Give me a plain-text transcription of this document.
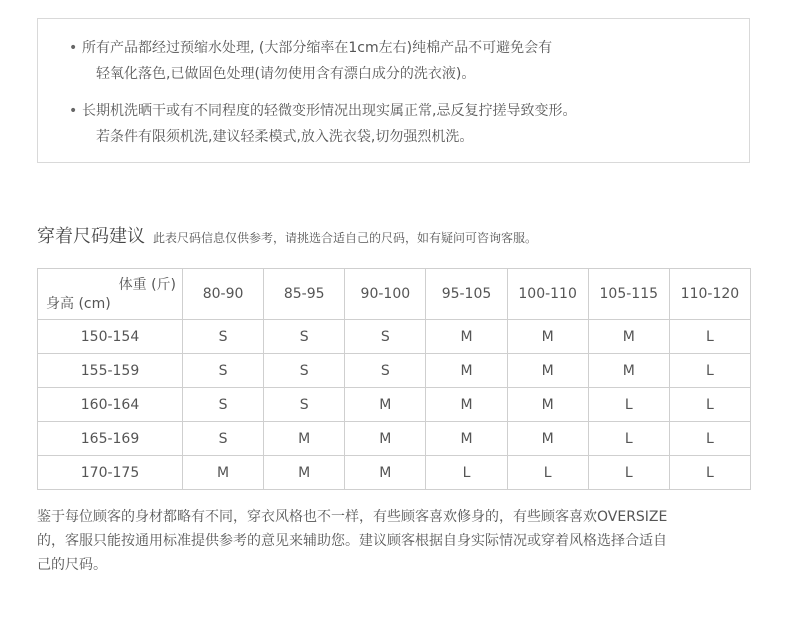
• 所有产品都经过预缩水处理, (大部分缩率在1cm左右)纯棉产品不可避免会有
轻氧化落色,已做固色处理(请勿使用含有漂白成分的洗衣液)。
• 长期机洗晒干或有不同程度的轻微变形情况出现实属正常,忌反复拧搓导致变形。
若条件有限须机洗,建议轻柔模式,放入洗衣袋,切勿强烈机洗。
穿着尺码建议 此表尺码信息仅供参考，请挑选合适自己的尺码，如有疑问可咨询客服。
体重 (斤)
身高 (cm)	80-90	85-95	90-100	95-105	100-110	105-115	110-120
150-154	S	S	S	M	M	M	L
155-159	S	S	S	M	M	M	L
160-164	S	S	M	M	M	L	L
165-169	S	M	M	M	M	L	L
170-175	M	M	M	L	L	L	L
鉴于每位顾客的身材都略有不同，穿衣风格也不一样，有些顾客喜欢修身的，有些顾客喜欢OVERSIZE
的，客服只能按通用标准提供参考的意见来辅助您。建议顾客根据自身实际情况或穿着风格选择合适自
己的尺码。
